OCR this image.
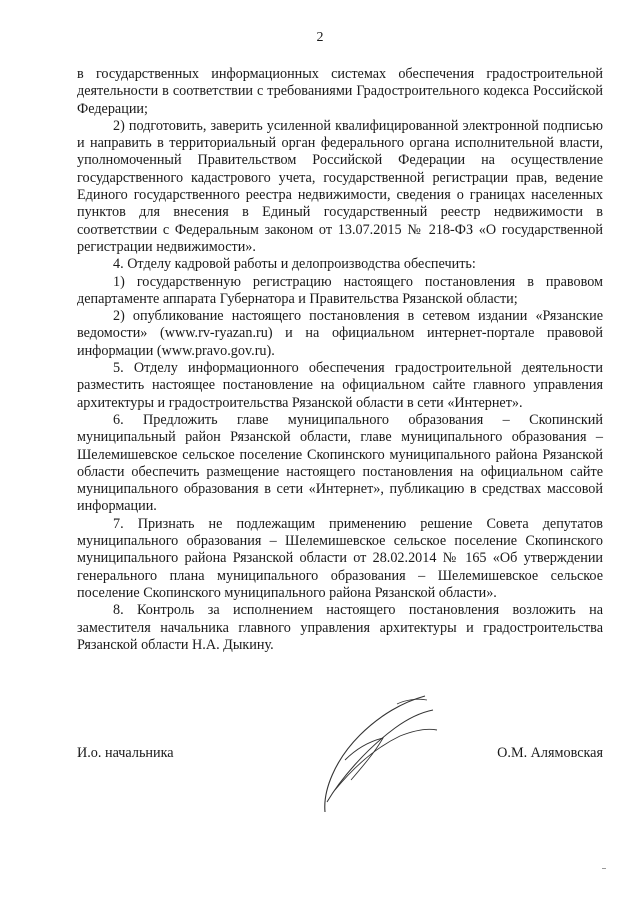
2

в государственных информационных системах обеспечения градостроительной деятельности в соответствии с требованиями Градостроительного кодекса Российской Федерации;

2) подготовить, заверить усиленной квалифицированной электронной подписью и направить в территориальный орган федерального органа исполнительной власти, уполномоченный Правительством Российской Федерации на осуществление государственного кадастрового учета, государственной регистрации прав, ведение Единого государственного реестра недвижимости, сведения о границах населенных пунктов для внесения в Единый государственный реестр недвижимости в соответствии с Федеральным законом от 13.07.2015 № 218-ФЗ «О государственной регистрации недвижимости».

4. Отделу кадровой работы и делопроизводства обеспечить:

1) государственную регистрацию настоящего постановления в правовом департаменте аппарата Губернатора и Правительства Рязанской области;

2) опубликование настоящего постановления в сетевом издании «Рязанские ведомости» (www.rv-ryazan.ru) и на официальном интернет-портале правовой информации (www.pravo.gov.ru).

5. Отделу информационного обеспечения градостроительной деятельности разместить настоящее постановление на официальном сайте главного управления архитектуры и градостроительства Рязанской области в сети «Интернет».

6. Предложить главе муниципального образования – Скопинский муниципальный район Рязанской области, главе муниципального образования – Шелемишевское сельское поселение Скопинского муниципального района Рязанской области обеспечить размещение настоящего постановления на официальном сайте муниципального образования в сети «Интернет», публикацию в средствах массовой информации.

7. Признать не подлежащим применению решение Совета депутатов муниципального образования – Шелемишевское сельское поселение Скопинского муниципального района Рязанской области от 28.02.2014 № 165 «Об утверждении генерального плана муниципального образования – Шелемишевское сельское поселение Скопинского муниципального района Рязанской области».

8. Контроль за исполнением настоящего постановления возложить на заместителя начальника главного управления архитектуры и градостроительства Рязанской области Н.А. Дыкину.

И.о. начальника	О.М. Алямовская
